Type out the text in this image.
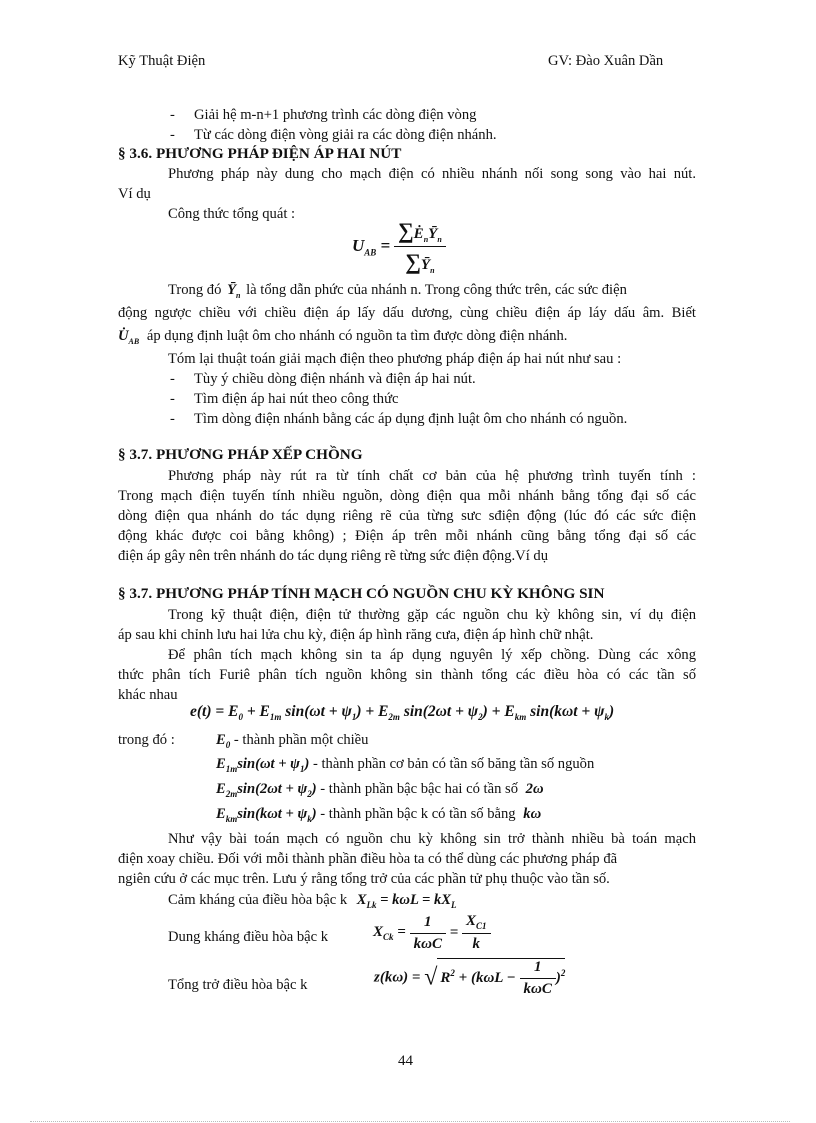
Kỹ Thuật Điện	GV: Đào Xuân Dần
- Giải hệ m-n+1 phương trình các dòng điện vòng
- Từ các dòng điện vòng giải ra các dòng điện nhánh.
§ 3.6. PHƯƠNG PHÁP ĐIỆN ÁP HAI NÚT
Phương pháp này dung cho mạch điện có nhiều nhánh nối song song vào hai nút.
Ví dụ
Công thức tổng quát :
$U_{AB} = \frac{\sum Ė_nȲ_n}{\sum Ȳ_n}$
Trong đó $Ȳ_n$ là tổng dẫn phức của nhánh n. Trong công thức trên, các sức điện
động ngược chiều với chiều điện áp lấy dấu dương, cùng chiều điện áp láy dấu âm. Biết
$U̇_{AB}$ áp dụng định luật ôm cho nhánh có nguồn ta tìm được dòng điện nhánh.
Tóm lại thuật toán giải mạch điện theo phương pháp điện áp hai nút như sau :
- Tùy ý chiều dòng điện nhánh và điện áp hai nút.
- Tìm điện áp hai nút theo công thức
- Tìm dòng điện nhánh bằng các áp dụng định luật ôm cho nhánh có nguồn.
§ 3.7. PHƯƠNG PHÁP XẾP CHỒNG
Phương pháp này rút ra từ tính chất cơ bản của hệ phương trình tuyến tính :
Trong mạch điện tuyến tính nhiều nguồn, dòng điện qua mỗi nhánh bằng tổng đại số các
dòng điện qua nhánh do tác dụng riêng rẽ của từng sưc sđiện động (lúc đó các sức điện
động khác được coi bằng không) ; Điện áp trên mỗi nhánh cũng bằng tổng đại số các
điện áp gây nên trên nhánh do tác dụng riêng rẽ từng sức điện động.Ví dụ
§ 3.7. PHƯƠNG PHÁP TÍNH MẠCH CÓ NGUỒN CHU KỲ KHÔNG SIN
Trong kỹ thuật điện, điện tử thường gặp các nguồn chu kỳ không sin, ví dụ điện
áp sau khi chỉnh lưu hai lửa chu kỳ, điện áp hình răng cưa, điện áp hình chữ nhật.
Để phân tích mạch không sin ta áp dụng nguyên lý xếp chồng. Dùng các xông
thức phân tích Furiê phân tích nguồn không sin thành tổng các điều hòa có các tần số
khác nhau
$e(t) = E_0 + E_{1m}$ $\sin(\omega t + \psi_1) + E_{2m}$ $\sin(2\omega t + \psi_2) + E_{km}$ $\sin(k\omega t + \psi_k)$
trong đó :	$E_0$ - thành phần một chiều
$E_{1m}\sin(\omega t + \psi_1)$ - thành phần cơ bản có tần số băng tần số nguồn
$E_{2m}\sin(2\omega t + \psi_2)$ - thành phần bậc bậc hai có tần số 2ω
$E_{km}\sin(k\omega t + \psi_k)$ - thành phần bậc k có tần số bằng kω
Như vậy bài toán mạch có nguồn chu kỳ không sin trở thành nhiều bà toán mạch
điện xoay chiều. Đối với mỗi thành phần điều hòa ta có thể dùng các phương pháp đã
ngiên cứu ở các mục trên. Lưu ý rằng tổng trở của các phần tử phụ thuộc vào tần số.
Cảm kháng của điều hòa bậc k $X_{Lk} = k\omega L = kX_L$
Dung kháng điều hòa bậc k	$X_{Ck} = \frac{1}{\text{kωC}} = \frac{X_{C1}}{k}$
Tổng trở điều hòa bậc k	z(kω) = √ $R^2 + (k\omega L - \frac{1}{\text{kωC}} )^2$
44
